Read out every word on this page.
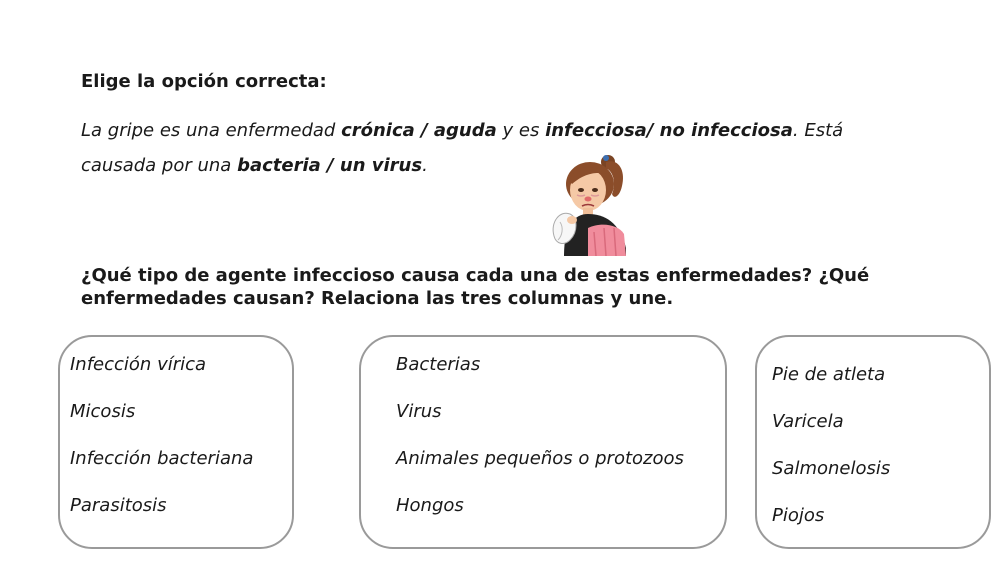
Elige la opción correcta:

La gripe es una enfermedad crónica / aguda y es infecciosa/ no infecciosa. Está causada por una bacteria / un virus.

¿Qué tipo de agente infeccioso causa cada una de estas enfermedades? ¿Qué enfermedades causan? Relaciona las tres columnas y une.

Infección vírica
Micosis
Infección bacteriana
Parasitosis
Bacterias
Virus
Animales pequeños o protozoos
Hongos
Pie de atleta
Varicela
Salmonelosis
Piojos
